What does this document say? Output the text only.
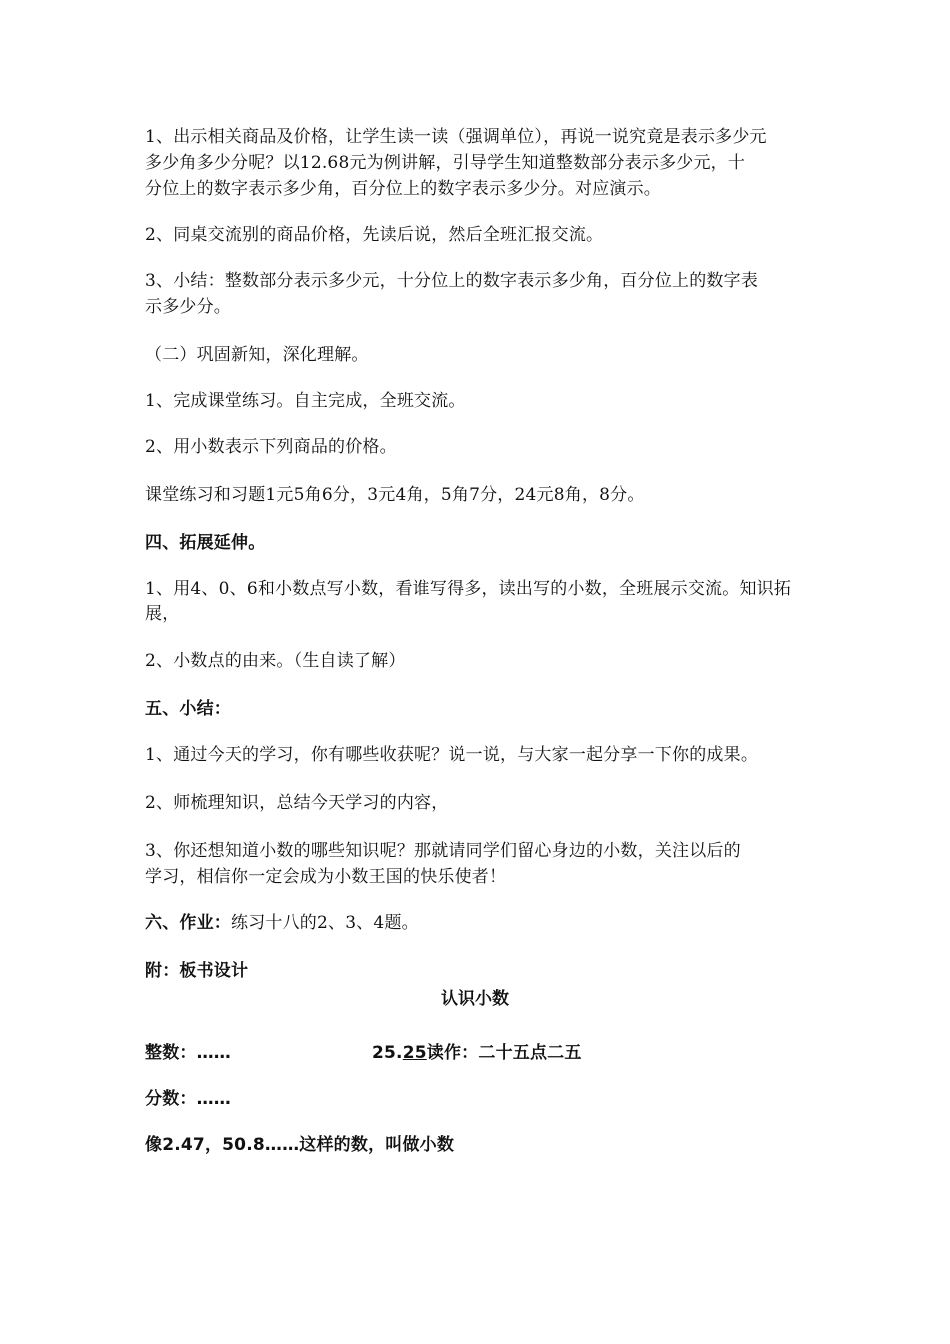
1、出示相关商品及价格，让学生读一读（强调单位），再说一说究竟是表示多少元
多少角多少分呢？以12.68元为例讲解，引导学生知道整数部分表示多少元，十
分位上的数字表示多少角，百分位上的数字表示多少分。对应演示。
2、同桌交流别的商品价格，先读后说，然后全班汇报交流。
3、小结：整数部分表示多少元，十分位上的数字表示多少角，百分位上的数字表
示多少分。
（二）巩固新知，深化理解。
1、完成课堂练习。自主完成，全班交流。
2、用小数表示下列商品的价格。
课堂练习和习题1元5角6分，3元4角，5角7分，24元8角，8分。
四、拓展延伸。
1、用4、0、6和小数点写小数，看谁写得多，读出写的小数，全班展示交流。知识拓
展，
2、小数点的由来。（生自读了解）
五、小结：
1、通过今天的学习，你有哪些收获呢？说一说，与大家一起分享一下你的成果。
2、师梳理知识，总结今天学习的内容，
3、你还想知道小数的哪些知识呢？那就请同学们留心身边的小数，关注以后的
学习，相信你一定会成为小数王国的快乐使者！
六、作业：练习十八的2、3、4题。
附：板书设计
认识小数
整数：……	25.25读作：二十五点二五
分数：……
像2.47，50.8……这样的数，叫做小数
